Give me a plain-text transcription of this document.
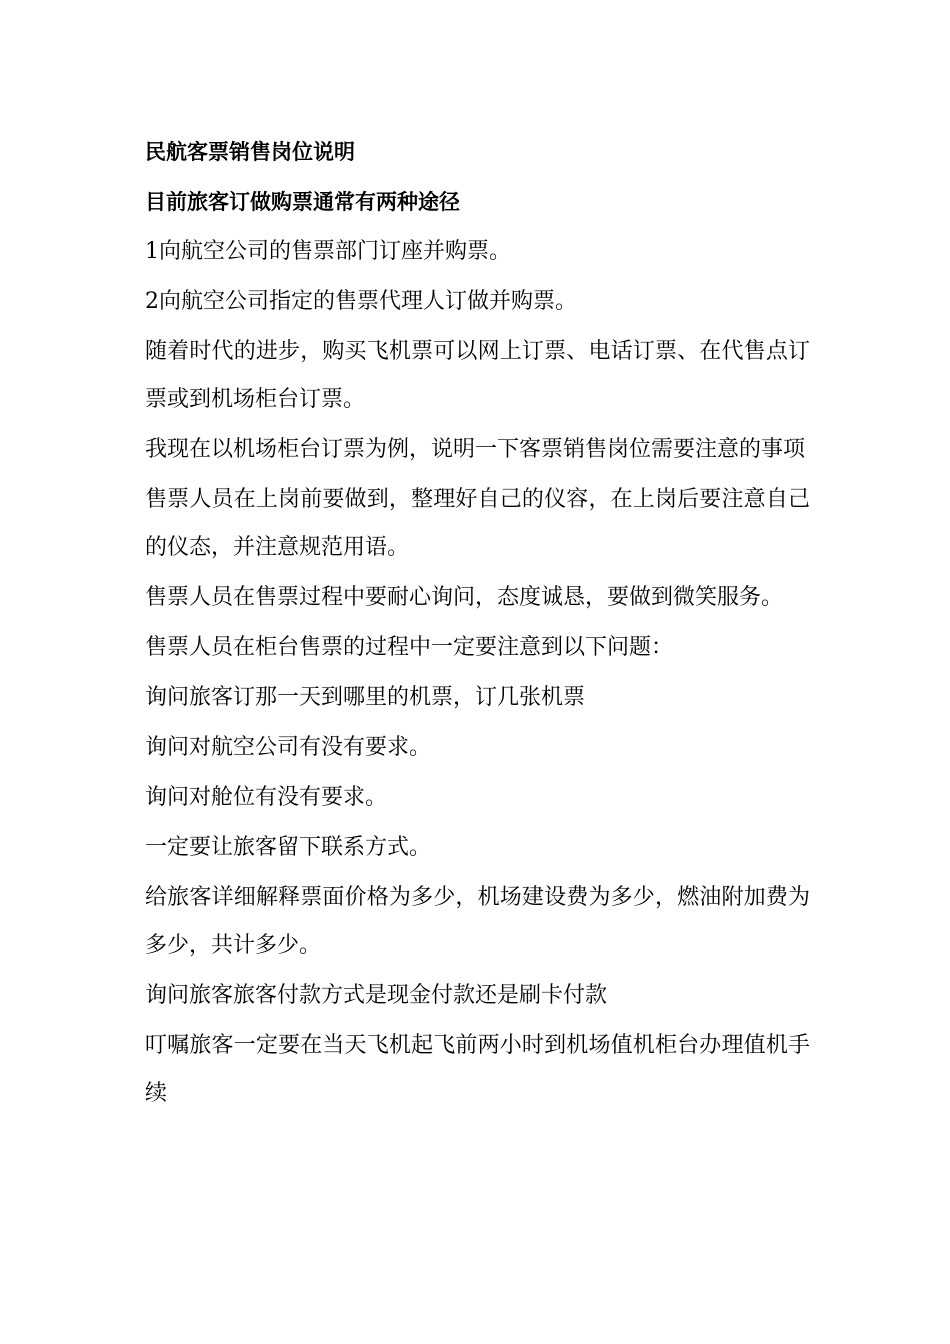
民航客票销售岗位说明
目前旅客订做购票通常有两种途径
1向航空公司的售票部门订座并购票。
2向航空公司指定的售票代理人订做并购票。
随着时代的进步，购买飞机票可以网上订票、电话订票、在代售点订票或到机场柜台订票。
我现在以机场柜台订票为例，说明一下客票销售岗位需要注意的事项
售票人员在上岗前要做到，整理好自己的仪容，在上岗后要注意自己的仪态，并注意规范用语。
售票人员在售票过程中要耐心询问，态度诚恳，要做到微笑服务。
售票人员在柜台售票的过程中一定要注意到以下问题：
询问旅客订那一天到哪里的机票，订几张机票
询问对航空公司有没有要求。
询问对舱位有没有要求。
一定要让旅客留下联系方式。
给旅客详细解释票面价格为多少，机场建设费为多少，燃油附加费为多少，共计多少。
询问旅客旅客付款方式是现金付款还是刷卡付款
叮嘱旅客一定要在当天飞机起飞前两小时到机场值机柜台办理值机手续
